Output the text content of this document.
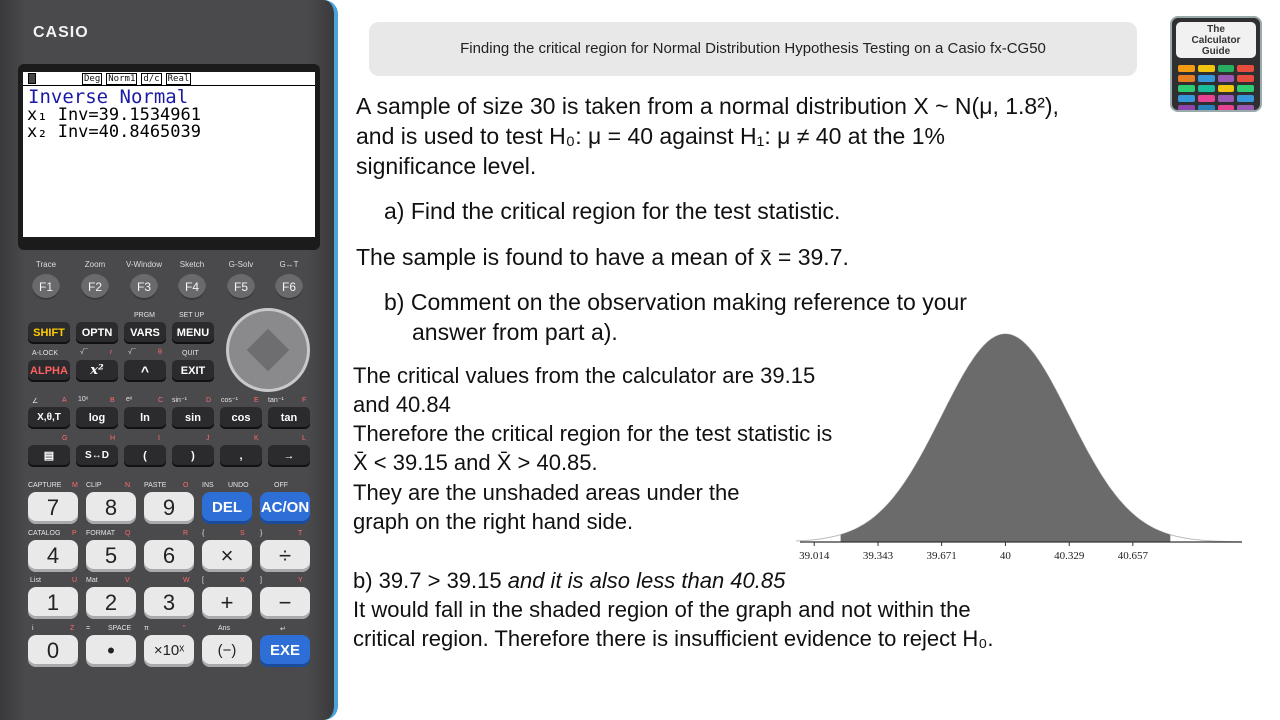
CASIO
Deg Norm1 d/c Real
Inverse Normal
x₁ Inv=39.1534961
x₂ Inv=40.8465039
Trace	Zoom	V-Window	Sketch	G-Solv	G↔T
F1	F2	F3	F4	F5	F6
PRGM	SET UP
SHIFT	OPTN	VARS	MENU
A-LOCK	√¯	r √¯	θ	QUIT
ALPHA	x²	^	EXIT
∠	A 10ˣ	B eˣ	C sin⁻¹	D cos⁻¹ E tan⁻¹	F
X,θ,T	log	ln	sin	cos	tan
G	H	I	J	K	L
▤	S↔D	(	)	,	→
CAPTURE M CLIP	N PASTE O INS UNDO	OFF
7	8	9	DEL	AC/ON
CATALOG P FORMAT Q	R {	S }	T
4	5	6	×	÷
List	U Mat	V	W [	X ]	Y
1	2	3	+	−
i	Z =	SPACE π	"	Ans	↵
0	•	×10ˣ	(−)	EXE
Finding the critical region for Normal Distribution Hypothesis Testing on a Casio fx-CG50
The
Calculator
Guide
A sample of size 30 is taken from a normal distribution X ~ N(μ, 1.8²),
and is used to test H₀: μ = 40 against H₁: μ ≠ 40 at the 1%
significance level.
a) Find the critical region for the test statistic.
The sample is found to have a mean of x̄ = 39.7.
b) Comment on the observation making reference to your
answer from part a).
The critical values from the calculator are 39.15
and 40.84
Therefore the critical region for the test statistic is
X̄ < 39.15 and X̄ > 40.85.
They are the unshaded areas under the
graph on the right hand side.
b) 39.7 > 39.15 and it is also less than 40.85
It would fall in the shaded region of the graph and not within the
critical region. Therefore there is insufficient evidence to reject H₀.
39.014	39.343	39.671	40	40.329	40.657
